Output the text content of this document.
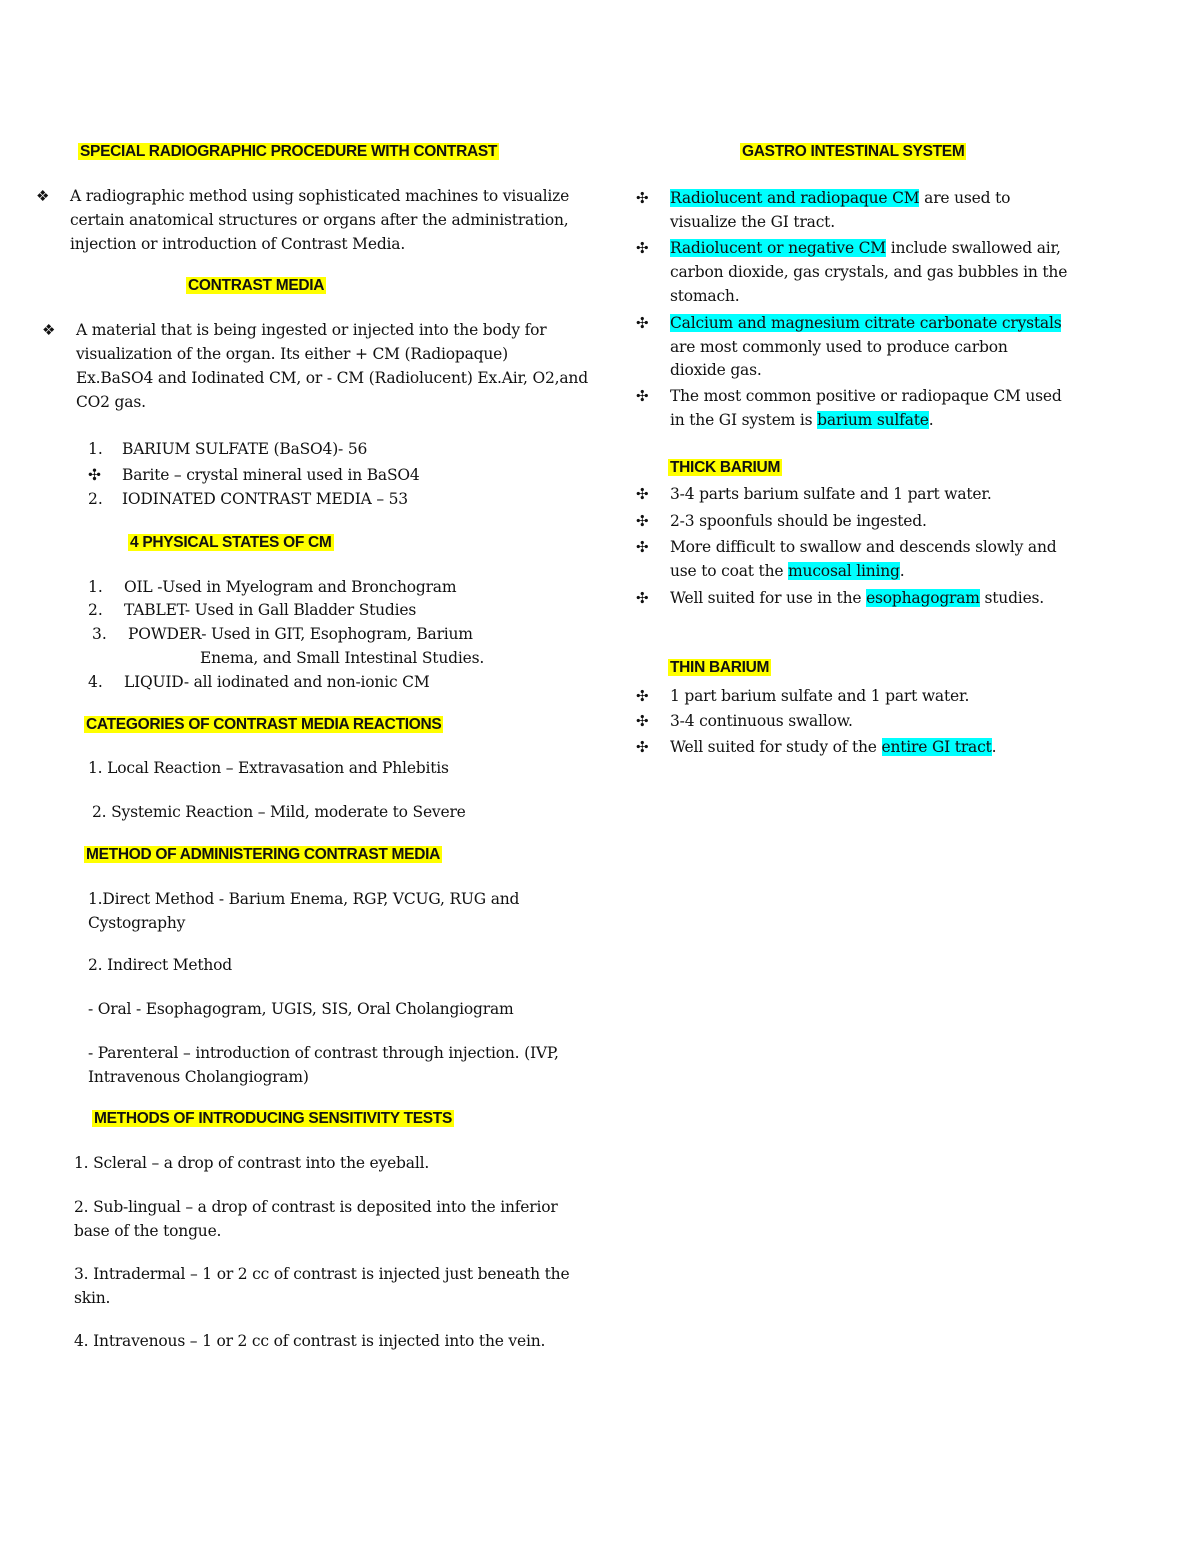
SPECIAL RADIOGRAPHIC PROCEDURE WITH CONTRAST
❖ A radiographic method using sophisticated machines to visualize
certain anatomical structures or organs after the administration,
injection or introduction of Contrast Media.
CONTRAST MEDIA
❖ A material that is being ingested or injected into the body for
visualization of the organ. Its either + CM (Radiopaque)
Ex.BaSO4 and Iodinated CM, or - CM (Radiolucent) Ex.Air, O2,and
CO2 gas.
1. BARIUM SULFATE (BaSO4)- 56
✣ Barite – crystal mineral used in BaSO4
2. IODINATED CONTRAST MEDIA – 53
4 PHYSICAL STATES OF CM
1. OIL -Used in Myelogram and Bronchogram
2. TABLET- Used in Gall Bladder Studies
3. POWDER- Used in GIT, Esophogram, Barium
Enema, and Small Intestinal Studies.
4. LIQUID- all iodinated and non-ionic CM
CATEGORIES OF CONTRAST MEDIA REACTIONS
1. Local Reaction – Extravasation and Phlebitis
2. Systemic Reaction – Mild, moderate to Severe
METHOD OF ADMINISTERING CONTRAST MEDIA
1.Direct Method - Barium Enema, RGP, VCUG, RUG and
Cystography
2. Indirect Method
- Oral - Esophagogram, UGIS, SIS, Oral Cholangiogram
- Parenteral – introduction of contrast through injection. (IVP,
Intravenous Cholangiogram)
METHODS OF INTRODUCING SENSITIVITY TESTS
1. Scleral – a drop of contrast into the eyeball.
2. Sub-lingual – a drop of contrast is deposited into the inferior
base of the tongue.
3. Intradermal – 1 or 2 cc of contrast is injected just beneath the
skin.
4. Intravenous – 1 or 2 cc of contrast is injected into the vein.
GASTRO INTESTINAL SYSTEM
✣ Radiolucent and radiopaque CM are used to
visualize the GI tract.
✣ Radiolucent or negative CM include swallowed air,
carbon dioxide, gas crystals, and gas bubbles in the
stomach.
✣ Calcium and magnesium citrate carbonate crystals
are most commonly used to produce carbon
dioxide gas.
✣ The most common positive or radiopaque CM used
in the GI system is barium sulfate.
THICK BARIUM
✣ 3-4 parts barium sulfate and 1 part water.
✣ 2-3 spoonfuls should be ingested.
✣ More difficult to swallow and descends slowly and
use to coat the mucosal lining.
✣ Well suited for use in the esophagogram studies.
THIN BARIUM
✣ 1 part barium sulfate and 1 part water.
✣ 3-4 continuous swallow.
✣ Well suited for study of the entire GI tract.
